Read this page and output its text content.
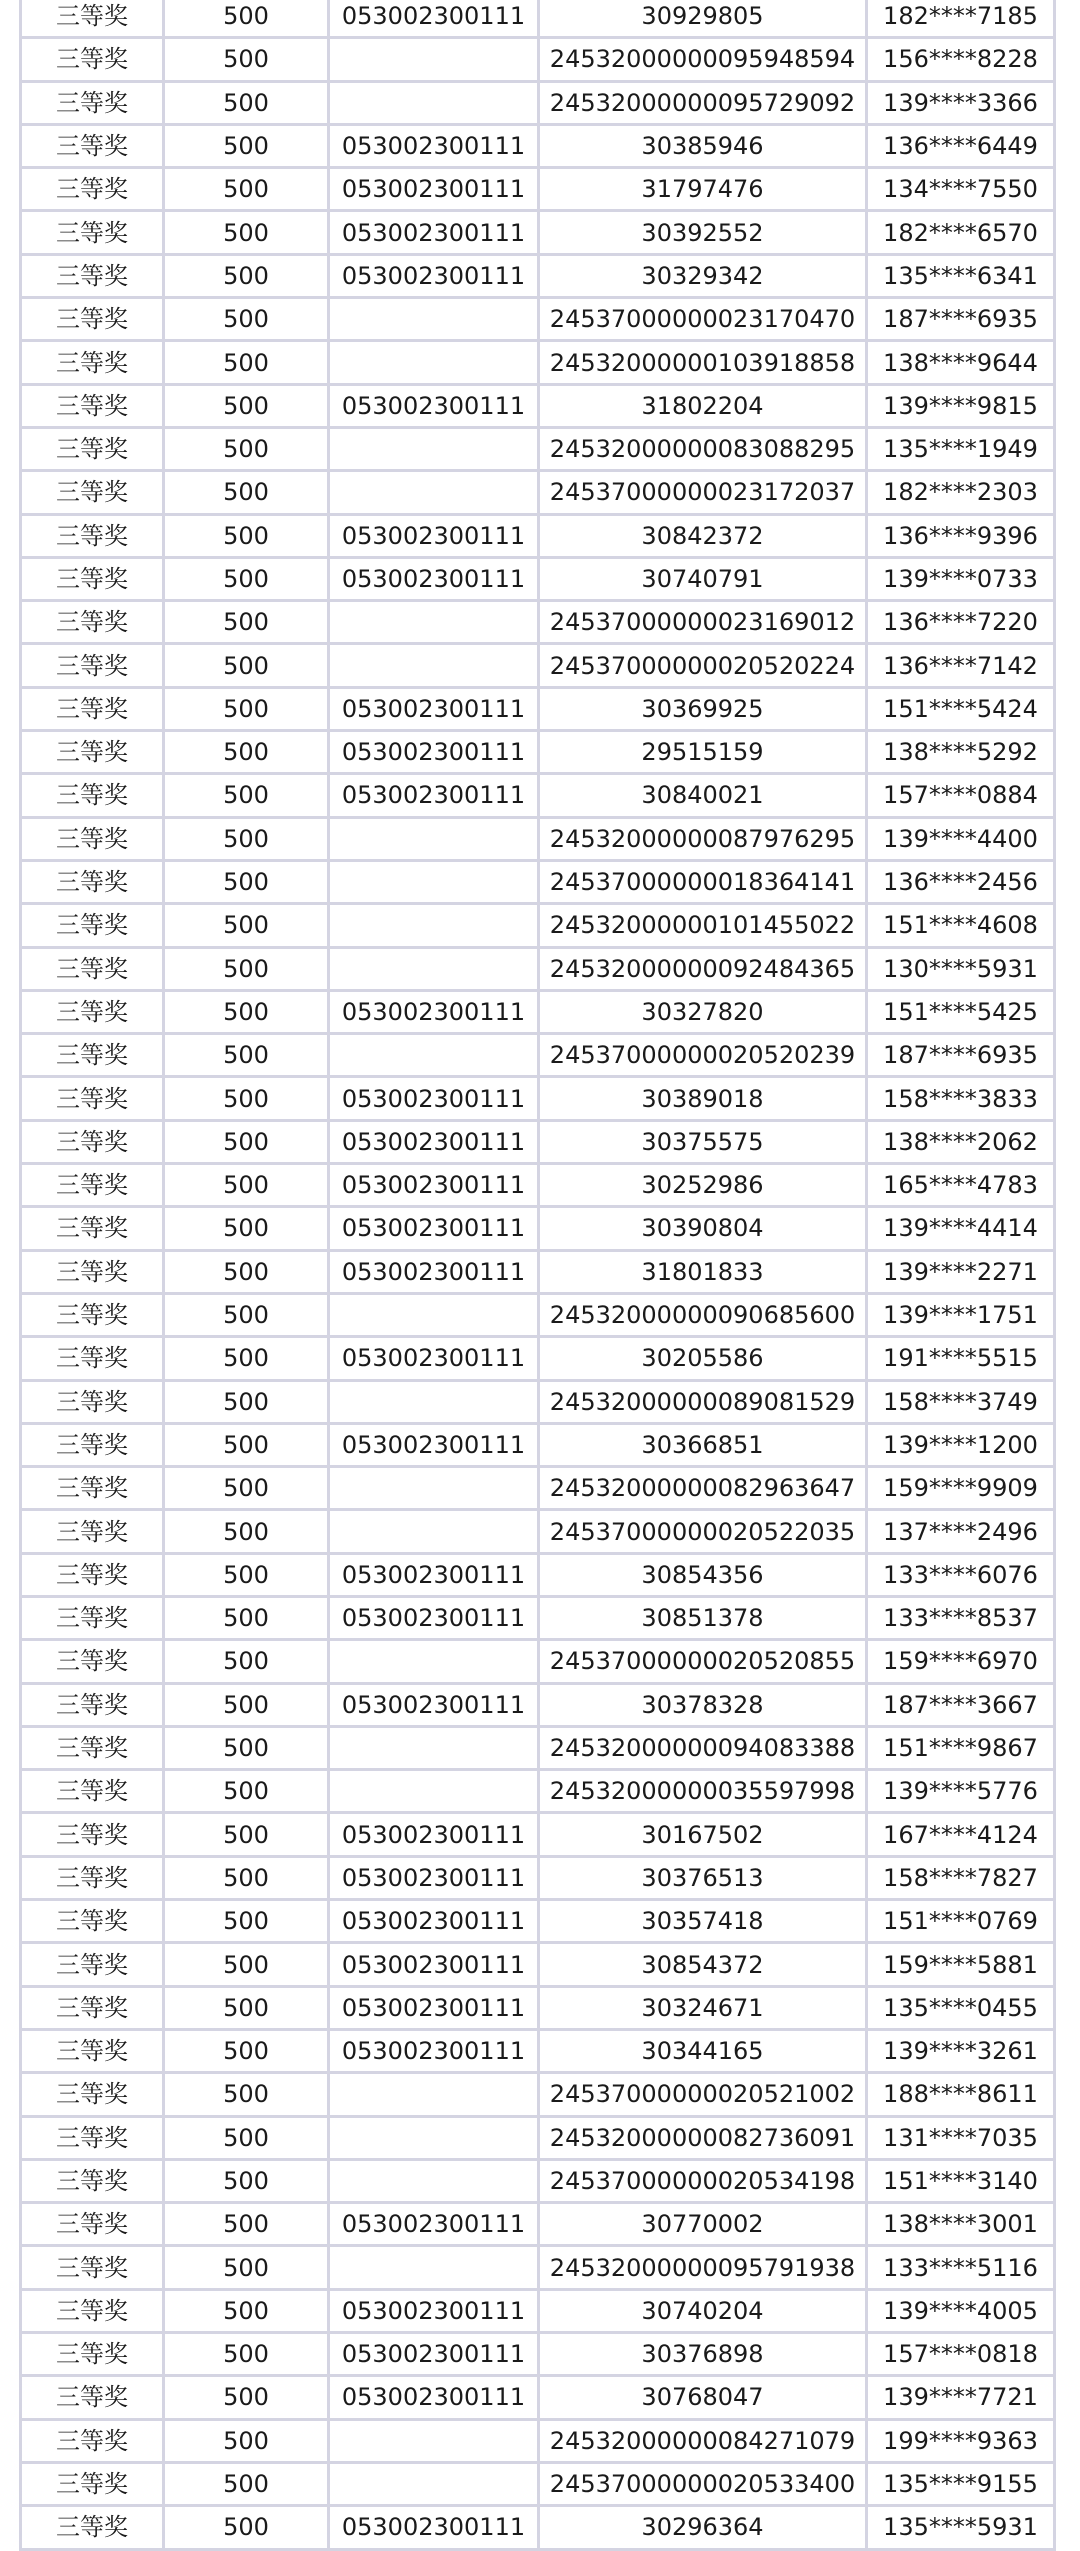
三等奖	500	053002300111	30929805	182****7185
三等奖	500		24532000000095948594	156****8228
三等奖	500		24532000000095729092	139****3366
三等奖	500	053002300111	30385946	136****6449
三等奖	500	053002300111	31797476	134****7550
三等奖	500	053002300111	30392552	182****6570
三等奖	500	053002300111	30329342	135****6341
三等奖	500		24537000000023170470	187****6935
三等奖	500		24532000000103918858	138****9644
三等奖	500	053002300111	31802204	139****9815
三等奖	500		24532000000083088295	135****1949
三等奖	500		24537000000023172037	182****2303
三等奖	500	053002300111	30842372	136****9396
三等奖	500	053002300111	30740791	139****0733
三等奖	500		24537000000023169012	136****7220
三等奖	500		24537000000020520224	136****7142
三等奖	500	053002300111	30369925	151****5424
三等奖	500	053002300111	29515159	138****5292
三等奖	500	053002300111	30840021	157****0884
三等奖	500		24532000000087976295	139****4400
三等奖	500		24537000000018364141	136****2456
三等奖	500		24532000000101455022	151****4608
三等奖	500		24532000000092484365	130****5931
三等奖	500	053002300111	30327820	151****5425
三等奖	500		24537000000020520239	187****6935
三等奖	500	053002300111	30389018	158****3833
三等奖	500	053002300111	30375575	138****2062
三等奖	500	053002300111	30252986	165****4783
三等奖	500	053002300111	30390804	139****4414
三等奖	500	053002300111	31801833	139****2271
三等奖	500		24532000000090685600	139****1751
三等奖	500	053002300111	30205586	191****5515
三等奖	500		24532000000089081529	158****3749
三等奖	500	053002300111	30366851	139****1200
三等奖	500		24532000000082963647	159****9909
三等奖	500		24537000000020522035	137****2496
三等奖	500	053002300111	30854356	133****6076
三等奖	500	053002300111	30851378	133****8537
三等奖	500		24537000000020520855	159****6970
三等奖	500	053002300111	30378328	187****3667
三等奖	500		24532000000094083388	151****9867
三等奖	500		24532000000035597998	139****5776
三等奖	500	053002300111	30167502	167****4124
三等奖	500	053002300111	30376513	158****7827
三等奖	500	053002300111	30357418	151****0769
三等奖	500	053002300111	30854372	159****5881
三等奖	500	053002300111	30324671	135****0455
三等奖	500	053002300111	30344165	139****3261
三等奖	500		24537000000020521002	188****8611
三等奖	500		24532000000082736091	131****7035
三等奖	500		24537000000020534198	151****3140
三等奖	500	053002300111	30770002	138****3001
三等奖	500		24532000000095791938	133****5116
三等奖	500	053002300111	30740204	139****4005
三等奖	500	053002300111	30376898	157****0818
三等奖	500	053002300111	30768047	139****7721
三等奖	500		24532000000084271079	199****9363
三等奖	500		24537000000020533400	135****9155
三等奖	500	053002300111	30296364	135****5931
